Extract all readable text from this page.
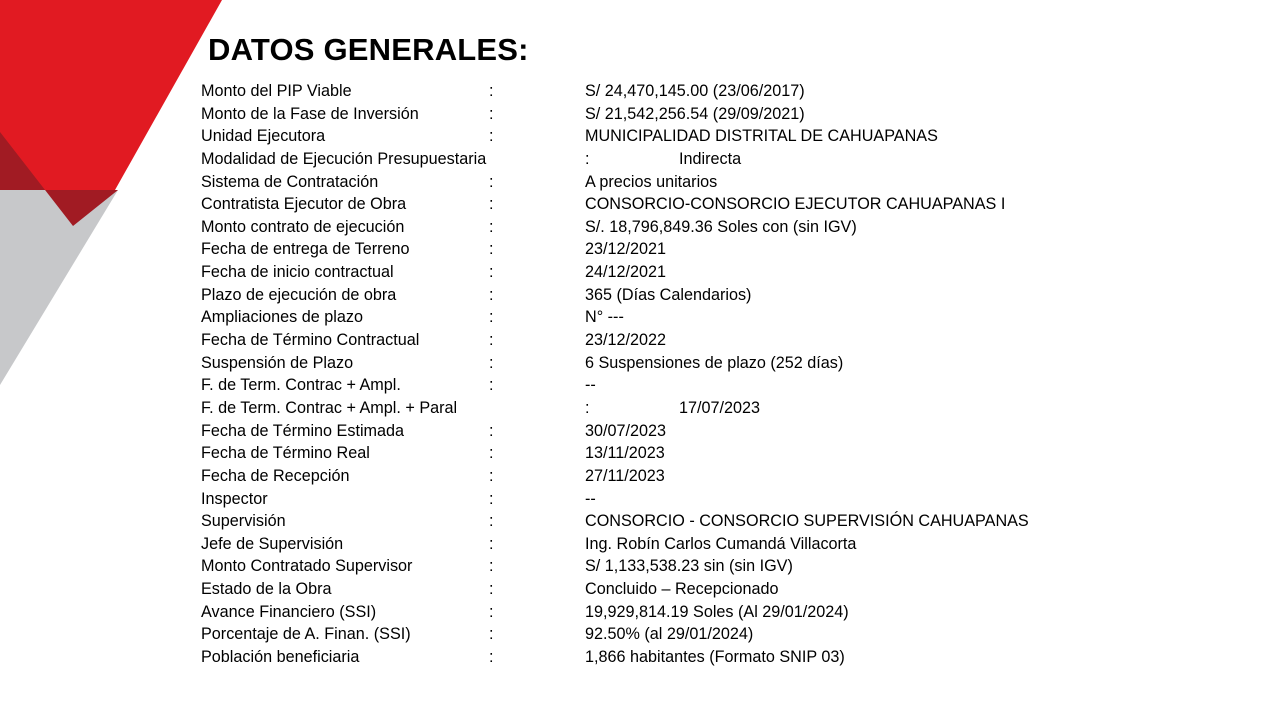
DATOS GENERALES:
Monto del PIP Viable	:	S/ 24,470,145.00 (23/06/2017)
Monto de la Fase de Inversión	:	S/ 21,542,256.54 (29/09/2021)
Unidad Ejecutora	:	MUNICIPALIDAD DISTRITAL DE CAHUAPANAS
Modalidad de Ejecución Presupuestaria	:	Indirecta
Sistema de Contratación	:	A precios unitarios
Contratista Ejecutor de Obra	:	CONSORCIO-CONSORCIO EJECUTOR CAHUAPANAS I
Monto contrato de ejecución	:	S/. 18,796,849.36 Soles con (sin IGV)
Fecha de entrega de Terreno	:	23/12/2021
Fecha de inicio contractual	:	24/12/2021
Plazo de ejecución de obra	:	365 (Días Calendarios)
Ampliaciones de plazo	:	N° ---
Fecha de Término Contractual	:	23/12/2022
Suspensión de Plazo	:	6 Suspensiones de plazo (252 días)
F. de Term. Contrac + Ampl.	:	--
F. de Term. Contrac + Ampl. + Paral	:	17/07/2023
Fecha de Término Estimada	:	30/07/2023
Fecha de Término Real	:	13/11/2023
Fecha de Recepción	:	27/11/2023
Inspector	:	--
Supervisión	:	CONSORCIO - CONSORCIO SUPERVISIÓN CAHUAPANAS
Jefe de Supervisión	:	Ing. Robín Carlos Cumandá Villacorta
Monto Contratado Supervisor	:	S/ 1,133,538.23 sin (sin IGV)
Estado de la Obra	:	Concluido – Recepcionado
Avance Financiero (SSI)	:	19,929,814.19 Soles (Al 29/01/2024)
Porcentaje de A. Finan. (SSI)	:	92.50% (al 29/01/2024)
Población beneficiaria	:	1,866 habitantes (Formato SNIP 03)
